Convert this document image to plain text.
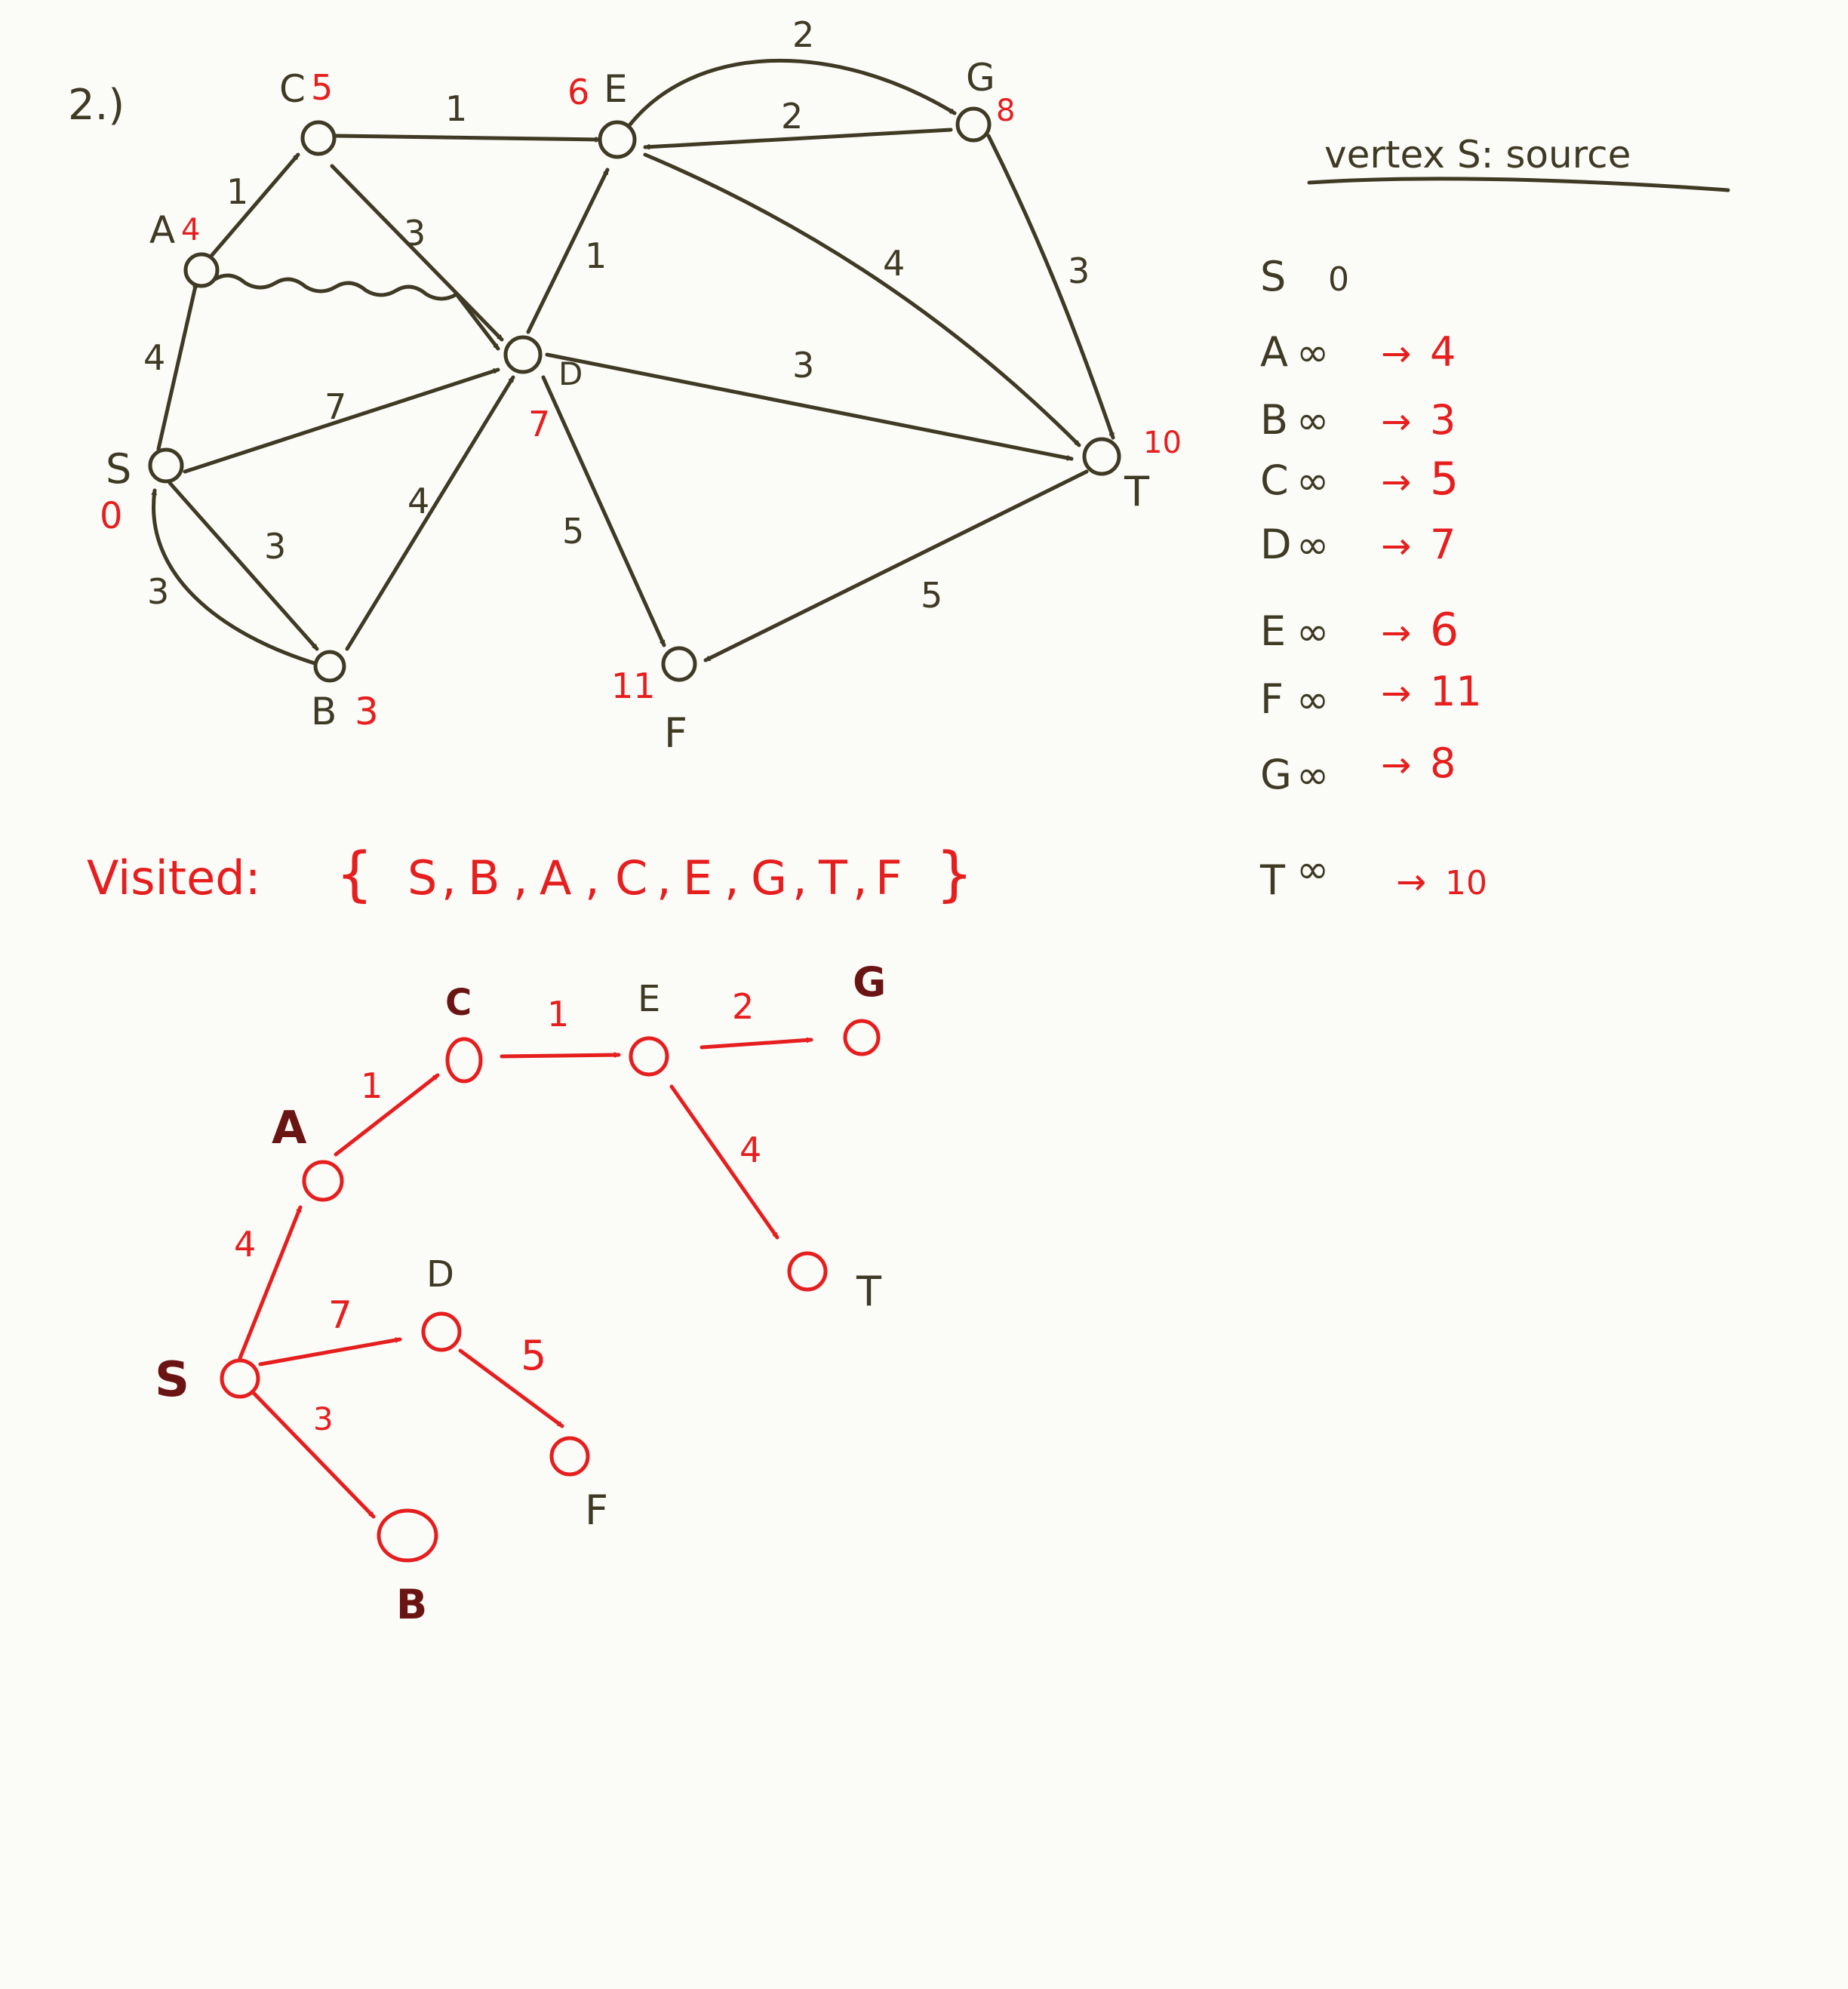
2.)
4
1
1
3
7
3
3
4
1
2
2
4	3
3
5
5
S
A
B
C
D
E
F
G
T
0
4
3
5
7
6
11
8
10
vertex S: source
S 0
A ∞ → 4
B ∞ → 3
C ∞ → 5
D ∞ → 7
E ∞ → 6
F ∞ → 11
G ∞ → 8
T ∞ → 10
Visited: { S , B , A , C , E , G , T , F }
4
1
1	2
4
7
5
3
S
A
C	E	G
T
D
F
B
